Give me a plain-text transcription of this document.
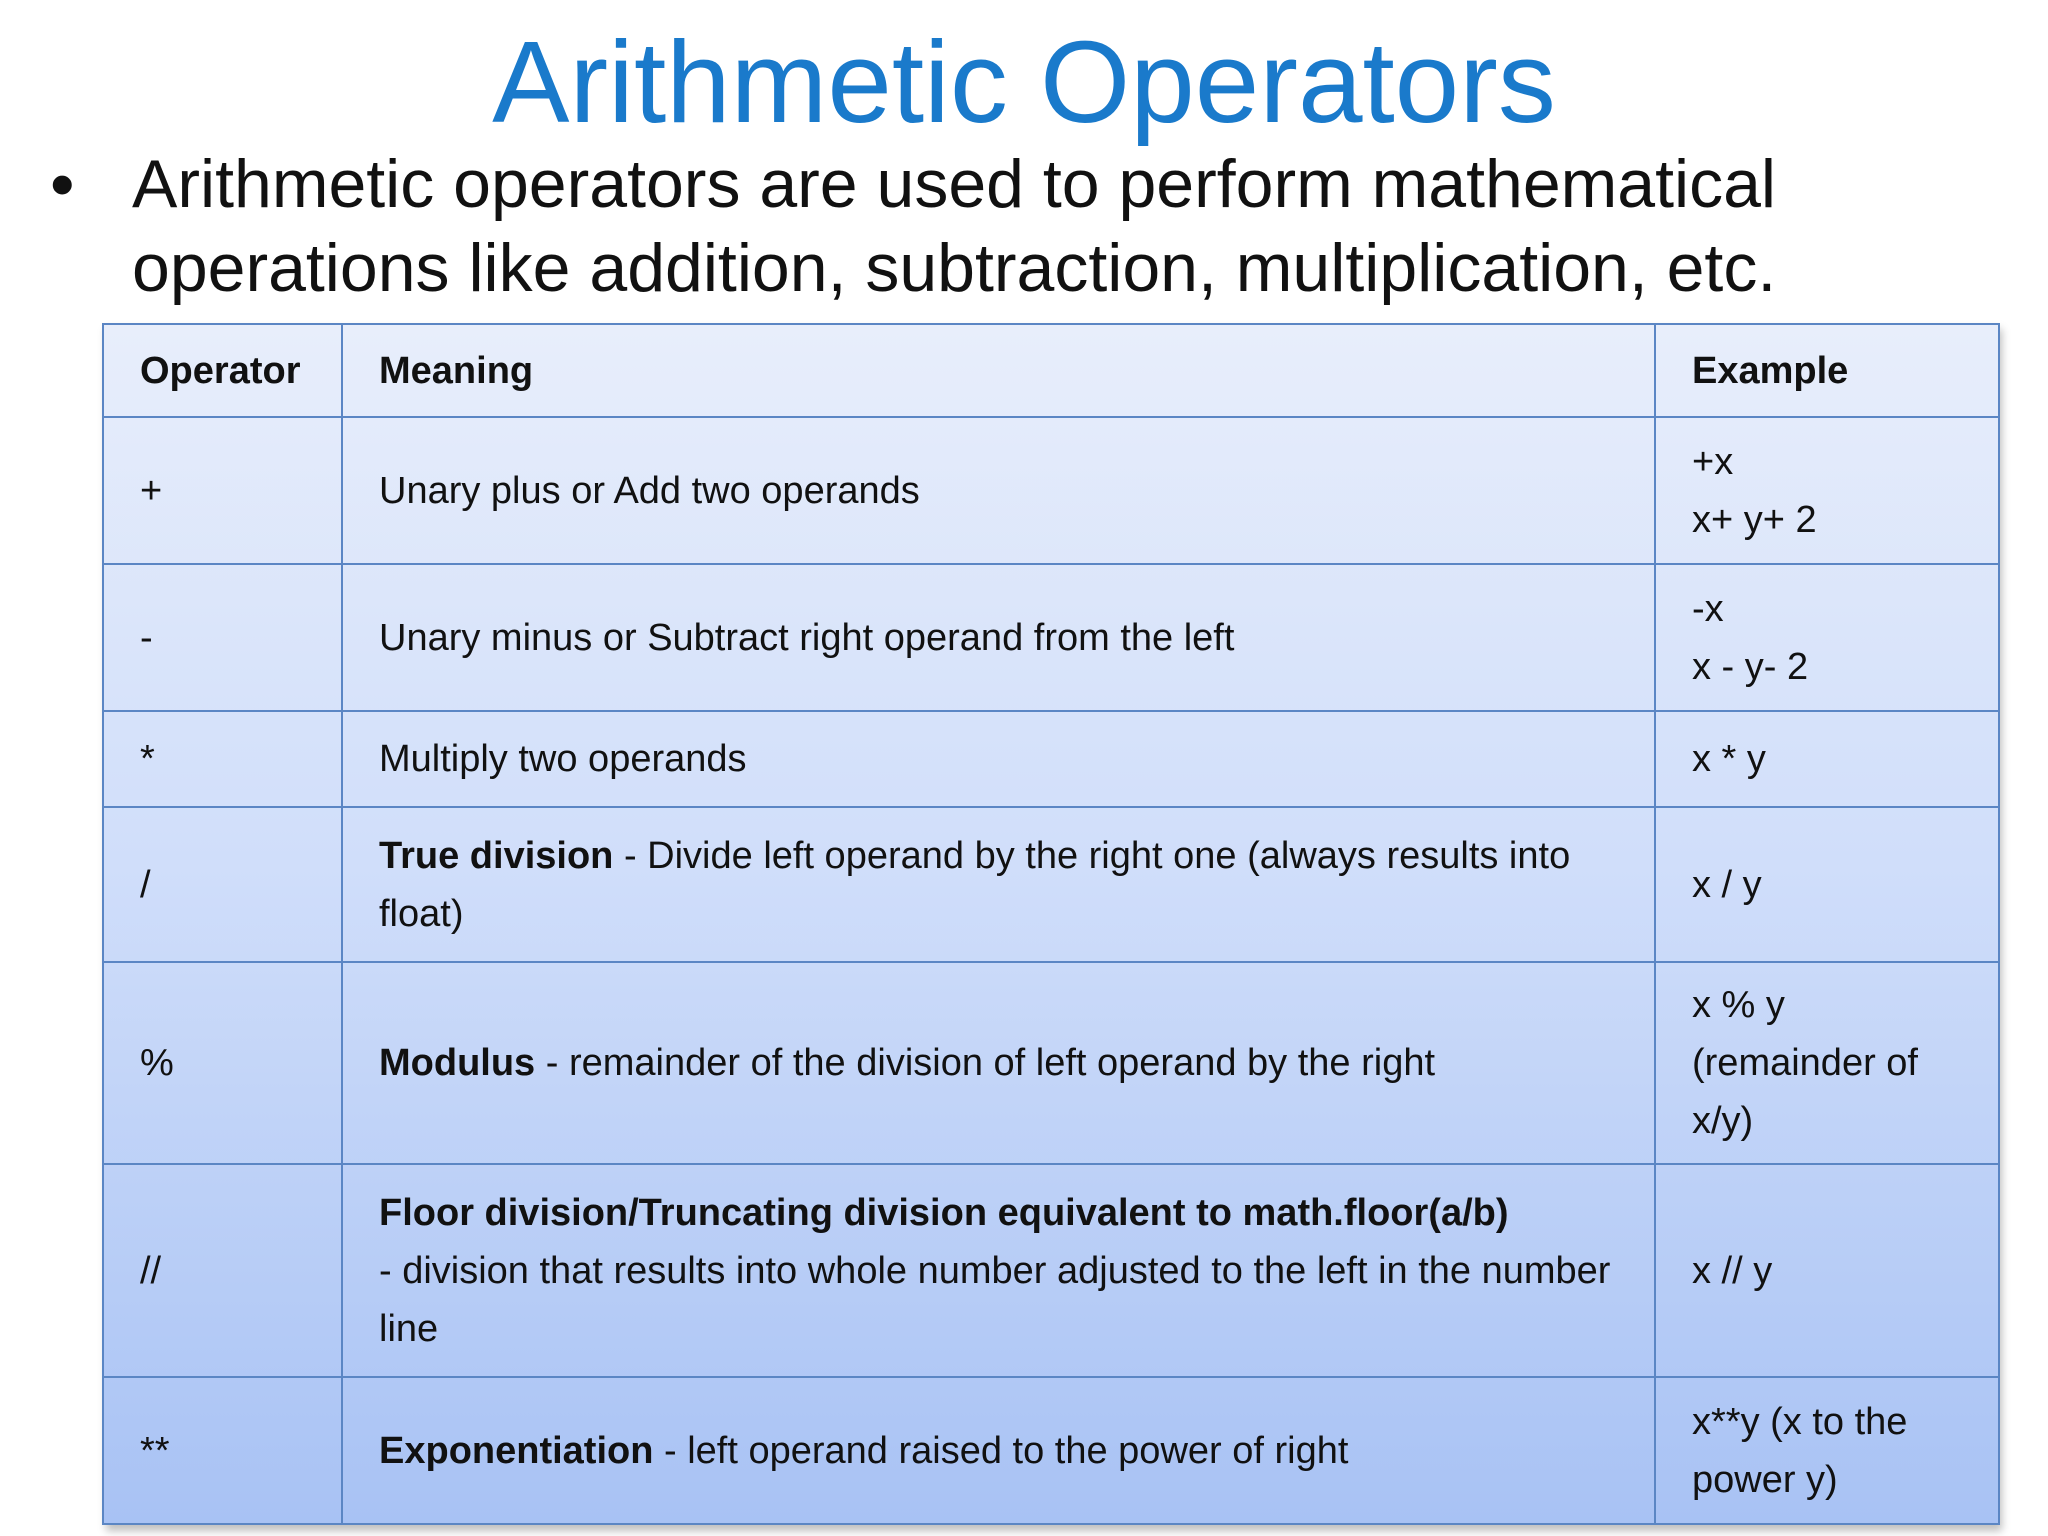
Arithmetic Operators
• Arithmetic operators are used to perform mathematical operations like addition, subtraction, multiplication, etc.
Operator	Meaning	Example
+	Unary plus or Add two operands	+x
x+ y+ 2

-	Unary minus or Subtract right operand from the left	-x
x - y- 2

*	Multiply two operands	x * y

/	True division - Divide left operand by the right one (always results into float)	x / y

%	Modulus - remainder of the division of left operand by the right	x % y
(remainder of
x/y)

//	Floor division/Truncating division equivalent to math.floor(a/b)
- division that results into whole number adjusted to the left in the number line	x // y

**	Exponentiation - left operand raised to the power of right	x**y (x to the
power y)
